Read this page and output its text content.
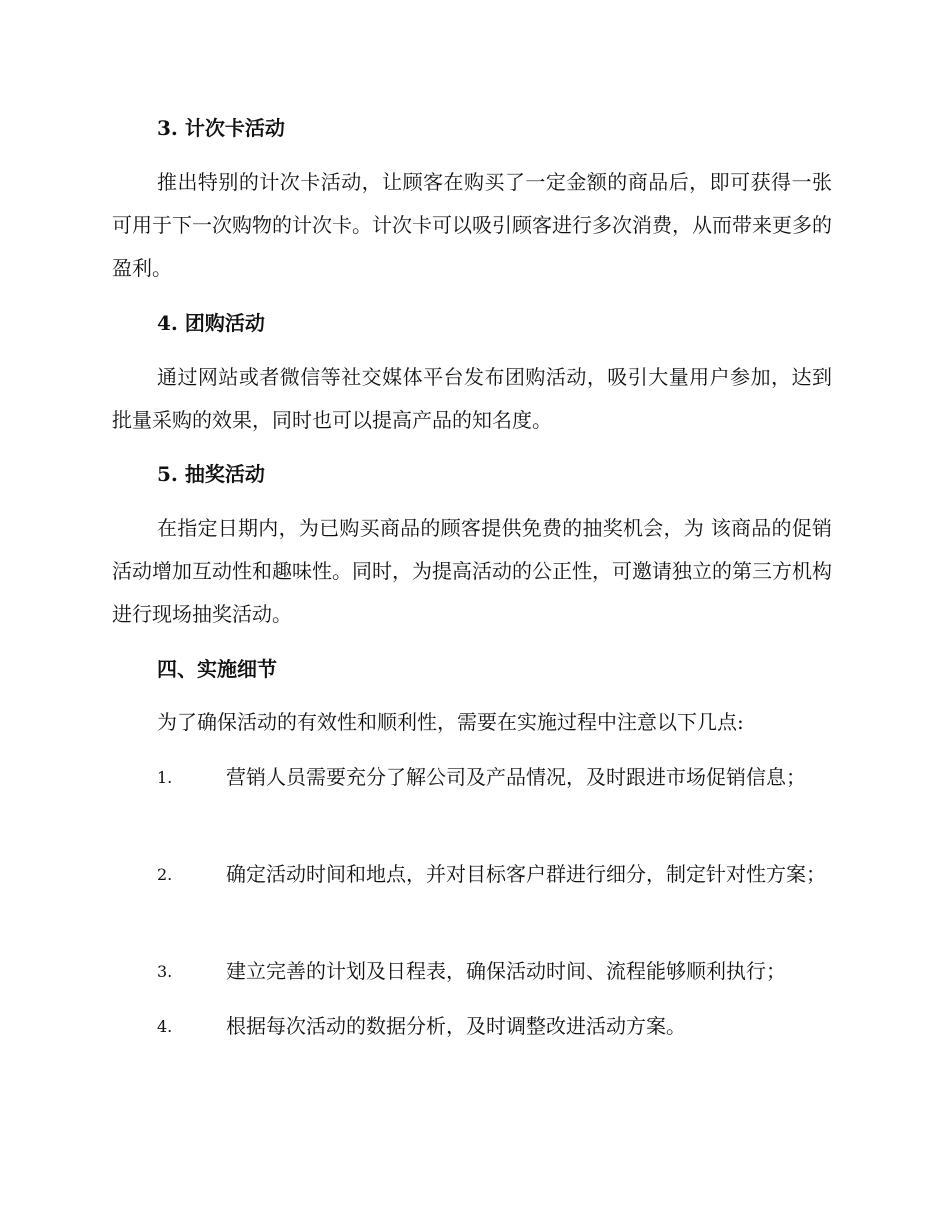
3. 计次卡活动
推出特别的计次卡活动，让顾客在购买了一定金额的商品后，即可获得一张可用于下一次购物的计次卡。计次卡可以吸引顾客进行多次消费，从而带来更多的盈利。
4. 团购活动
通过网站或者微信等社交媒体平台发布团购活动，吸引大量用户参加，达到批量采购的效果，同时也可以提高产品的知名度。
5. 抽奖活动
在指定日期内，为已购买商品的顾客提供免费的抽奖机会，为 该商品的促销活动增加互动性和趣味性。同时，为提高活动的公正性，可邀请独立的第三方机构进行现场抽奖活动。
四、实施细节
为了确保活动的有效性和顺利性，需要在实施过程中注意以下几点:
1.	营销人员需要充分了解公司及产品情况，及时跟进市场促销信息；
2.	确定活动时间和地点，并对目标客户群进行细分，制定针对性方案；
3.	建立完善的计划及日程表，确保活动时间、流程能够顺利执行；
4.	根据每次活动的数据分析，及时调整改进活动方案。
